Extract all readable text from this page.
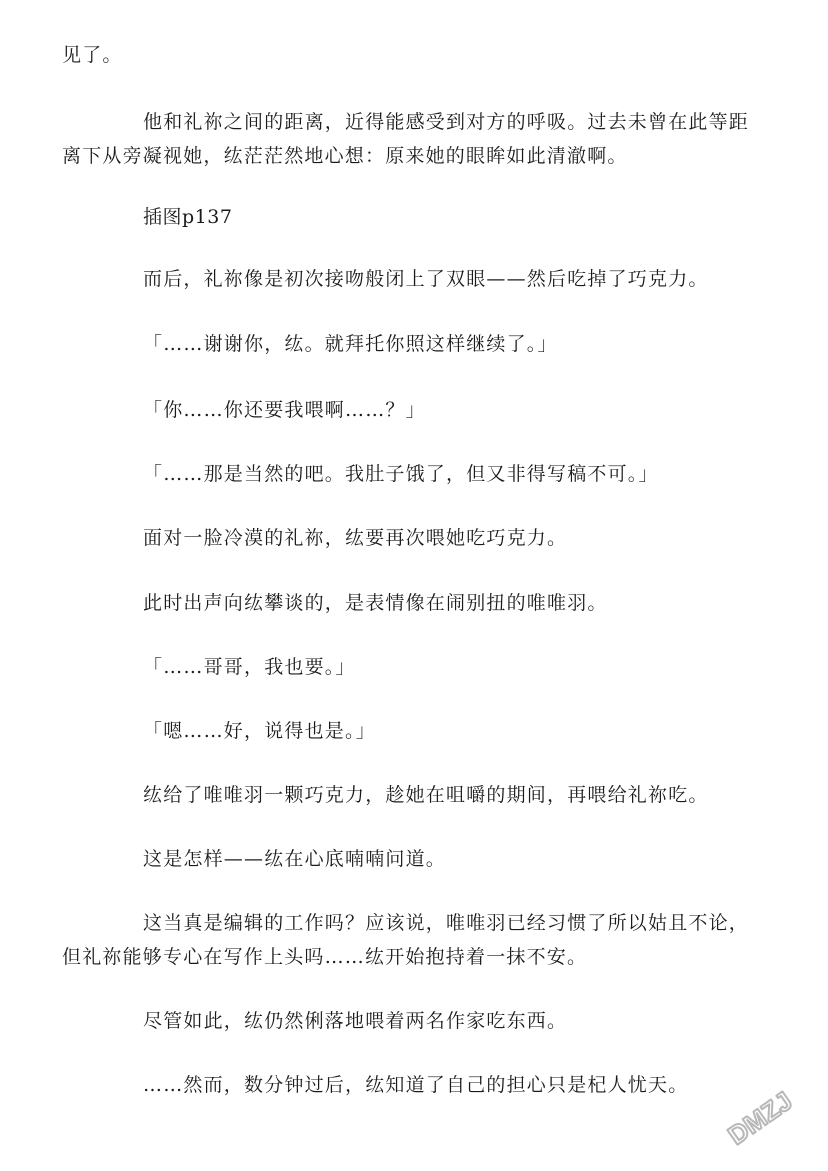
见了。
他和礼祢之间的距离，近得能感受到对方的呼吸。过去未曾在此等距
离下从旁凝视她，纮茫茫然地心想：原来她的眼眸如此清澈啊。
插图p137
而后，礼祢像是初次接吻般闭上了双眼——然后吃掉了巧克力。
「……谢谢你，纮。就拜托你照这样继续了。」
「你……你还要我喂啊……？」
「……那是当然的吧。我肚子饿了，但又非得写稿不可。」
面对一脸冷漠的礼祢，纮要再次喂她吃巧克力。
此时出声向纮攀谈的，是表情像在闹别扭的唯唯羽。
「……哥哥，我也要。」
「嗯……好，说得也是。」
纮给了唯唯羽一颗巧克力，趁她在咀嚼的期间，再喂给礼祢吃。
这是怎样——纮在心底喃喃问道。
这当真是编辑的工作吗？应该说，唯唯羽已经习惯了所以姑且不论，
但礼祢能够专心在写作上头吗……纮开始抱持着一抹不安。
尽管如此，纮仍然俐落地喂着两名作家吃东西。
……然而，数分钟过后，纮知道了自己的担心只是杞人忧天。
DMZJ
